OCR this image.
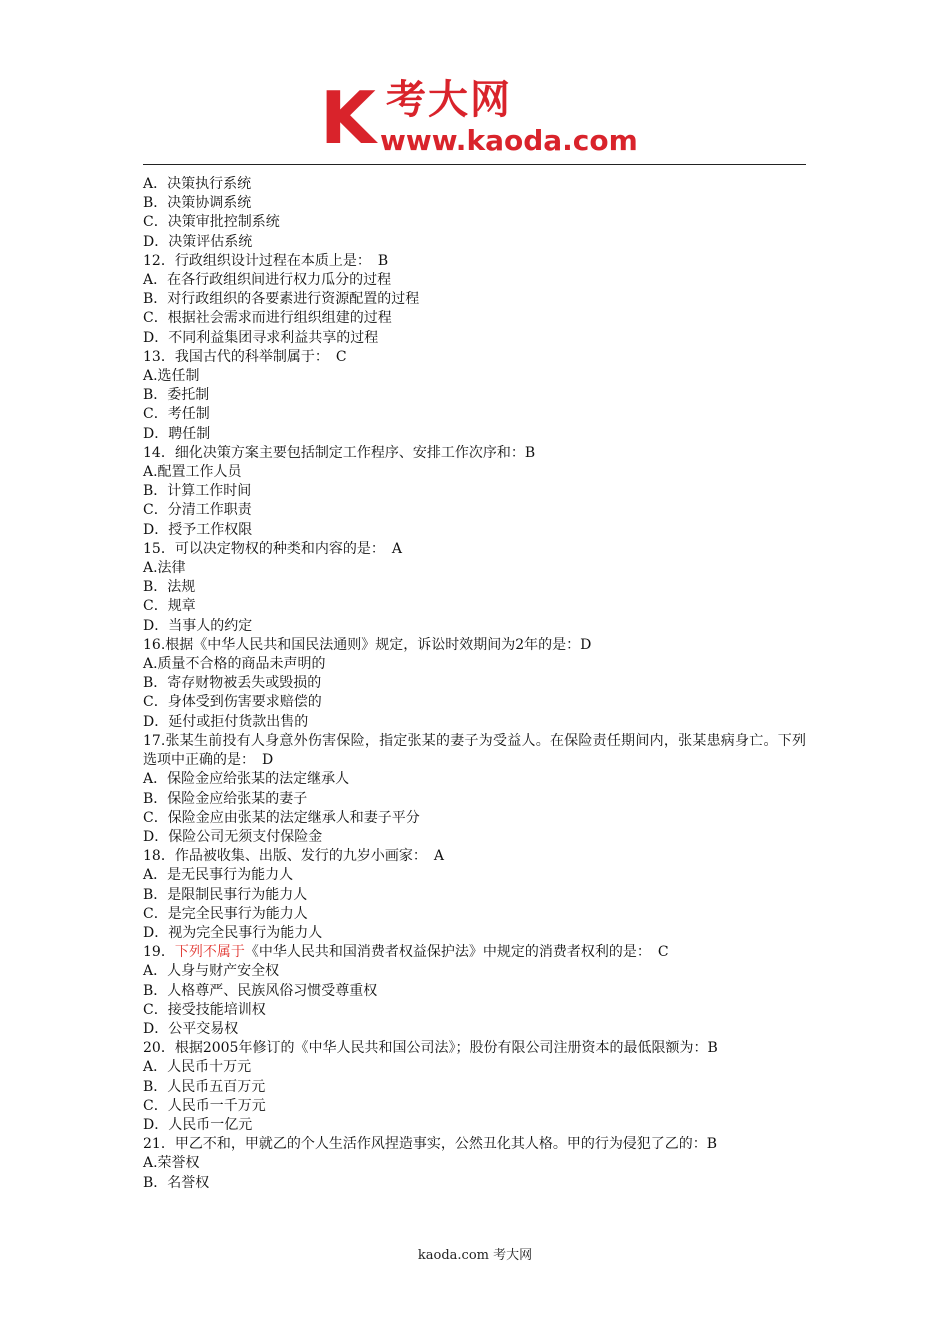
K 考大网
www.kaoda.com
A．决策执行系统
B．决策协调系统
C．决策审批控制系统
D．决策评估系统
12．行政组织设计过程在本质上是：　B
A．在各行政组织间进行权力瓜分的过程
B．对行政组织的各要素进行资源配置的过程
C．根据社会需求而进行组织组建的过程
D．不同利益集团寻求利益共享的过程
13．我国古代的科举制属于：　C
A.选任制
B．委托制
C．考任制
D．聘任制
14．细化决策方案主要包括制定工作程序、安排工作次序和：B
A.配置工作人员
B．计算工作时间
C．分清工作职责
D．授予工作权限
15．可以决定物权的种类和内容的是：　A
A.法律
B．法规
C．规章
D．当事人的约定
16.根据《中华人民共和国民法通则》规定，诉讼时效期间为2年的是：D
A.质量不合格的商品未声明的
B．寄存财物被丢失或毁损的
C．身体受到伤害要求赔偿的
D．延付或拒付货款出售的
17.张某生前投有人身意外伤害保险，指定张某的妻子为受益人。在保险责任期间内，张某患病身亡。下列选项中正确的是：　D
A．保险金应给张某的法定继承人
B．保险金应给张某的妻子
C．保险金应由张某的法定继承人和妻子平分
D．保险公司无须支付保险金
18．作品被收集、出版、发行的九岁小画家：　A
A．是无民事行为能力人
B．是限制民事行为能力人
C．是完全民事行为能力人
D．视为完全民事行为能力人
19．下列不属于《中华人民共和国消费者权益保护法》中规定的消费者权利的是：　C
A．人身与财产安全权
B．人格尊严、民族风俗习惯受尊重权
C．接受技能培训权
D．公平交易权
20．根据2005年修订的《中华人民共和国公司法》；股份有限公司注册资本的最低限额为：B
A．人民币十万元
B．人民币五百万元
C．人民币一千万元
D．人民币一亿元
21．甲乙不和，甲就乙的个人生活作风捏造事实，公然丑化其人格。甲的行为侵犯了乙的：B
A.荣誉权
B．名誉权
kaoda.com 考大网
